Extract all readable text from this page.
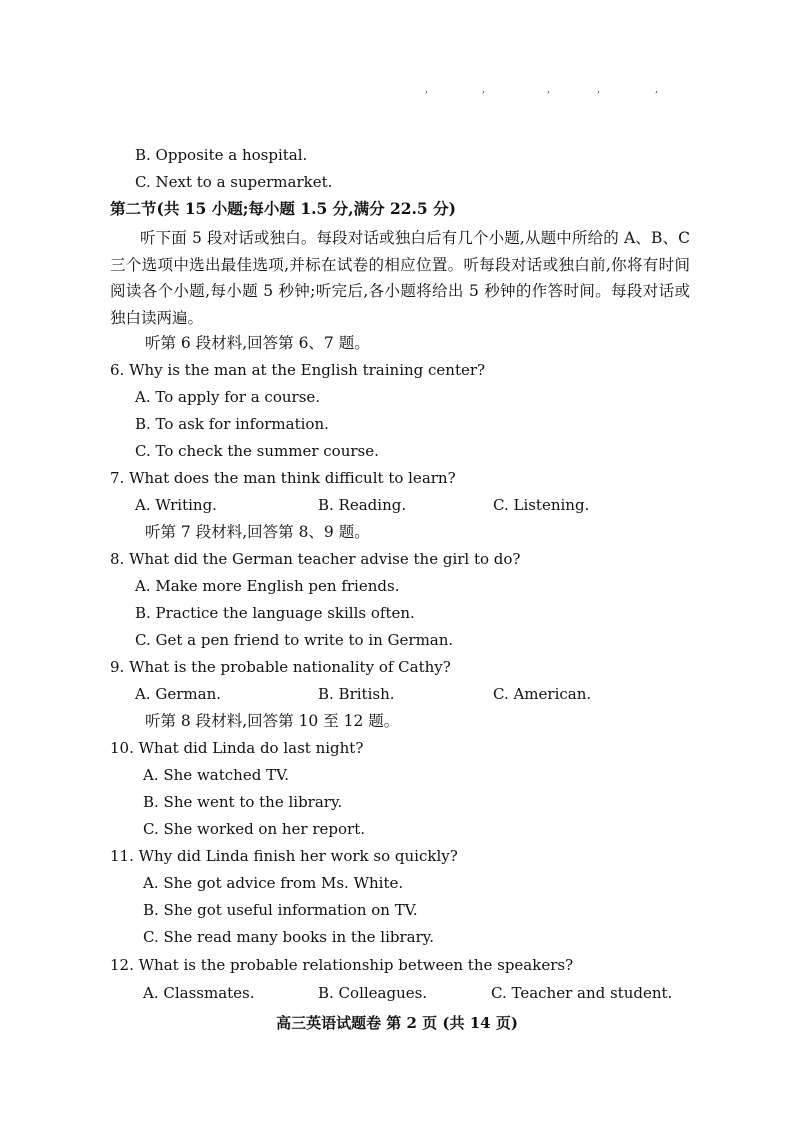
,	,	,	,	,
B. Opposite a hospital.
C. Next to a supermarket.
第二节(共 15 小题;每小题 1.5 分,满分 22.5 分)
听下面 5 段对话或独白。每段对话或独白后有几个小题,从题中所给的 A、B、C 三个选项中选出最佳选项,并标在试卷的相应位置。听每段对话或独白前,你将有时间阅读各个小题,每小题 5 秒钟;听完后,各小题将给出 5 秒钟的作答时间。每段对话或独白读两遍。
听第 6 段材料,回答第 6、7 题。
6. Why is the man at the English training center?
A. To apply for a course.
B. To ask for information.
C. To check the summer course.
7. What does the man think difficult to learn?
A. Writing.	B. Reading.	C. Listening.
听第 7 段材料,回答第 8、9 题。
8. What did the German teacher advise the girl to do?
A. Make more English pen friends.
B. Practice the language skills often.
C. Get a pen friend to write to in German.
9. What is the probable nationality of Cathy?
A. German.	B. British.	C. American.
听第 8 段材料,回答第 10 至 12 题。
10. What did Linda do last night?
A. She watched TV.
B. She went to the library.
C. She worked on her report.
11. Why did Linda finish her work so quickly?
A. She got advice from Ms. White.
B. She got useful information on TV.
C. She read many books in the library.
12. What is the probable relationship between the speakers?
A. Classmates.	B. Colleagues.	C. Teacher and student.
高三英语试题卷 第 2 页 (共 14 页)
